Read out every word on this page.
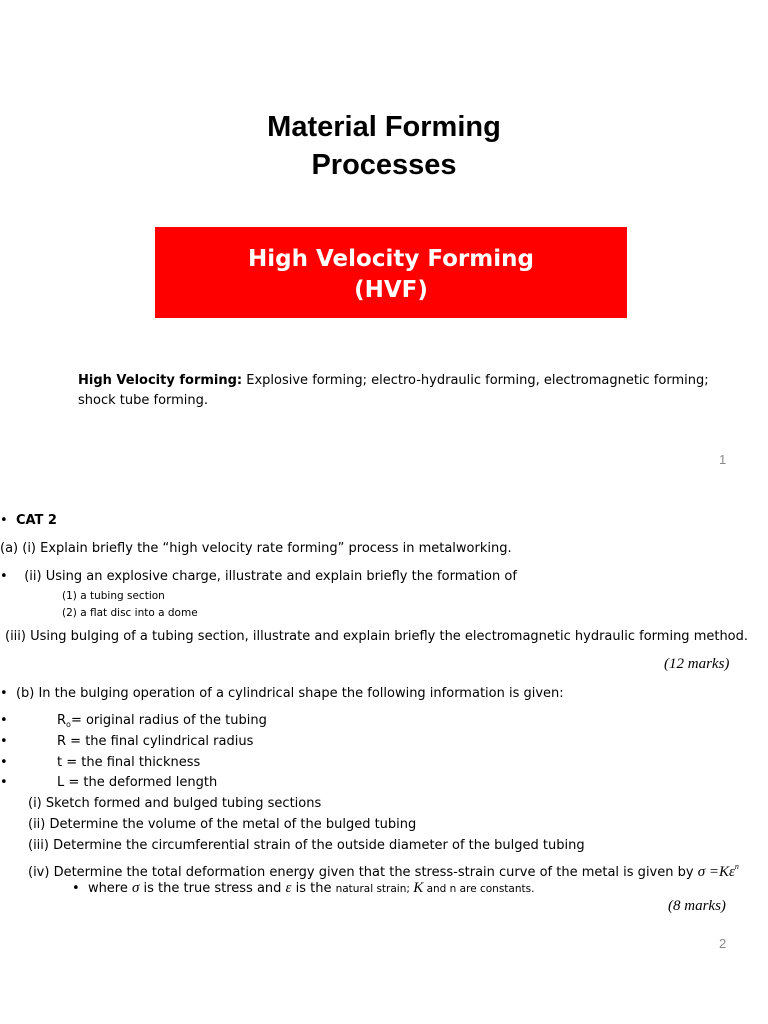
Material Forming
Processes
High Velocity Forming
(HVF)
High Velocity forming: Explosive forming; electro-hydraulic forming, electromagnetic forming; shock tube forming.
1
• CAT 2
(a) (i) Explain briefly the “high velocity rate forming” process in metalworking.
• (ii) Using an explosive charge, illustrate and explain briefly the formation of
(1) a tubing section
(2) a flat disc into a dome
(iii) Using bulging of a tubing section, illustrate and explain briefly the electromagnetic hydraulic forming method.
(12 marks)
• (b) In the bulging operation of a cylindrical shape the following information is given:
•	$R_o=$ original radius of the tubing
•	R = the final cylindrical radius
•	t = the final thickness
•	L = the deformed length
(i) Sketch formed and bulged tubing sections
(ii) Determine the volume of the metal of the bulged tubing
(iii) Determine the circumferential strain of the outside diameter of the bulged tubing
(iv) Determine the total deformation energy given that the stress-strain curve of the metal is given by $\sigma =K\varepsilon^n$
• where σ is the true stress and ε is the natural strain; K and n are constants.
(8 marks)
2
